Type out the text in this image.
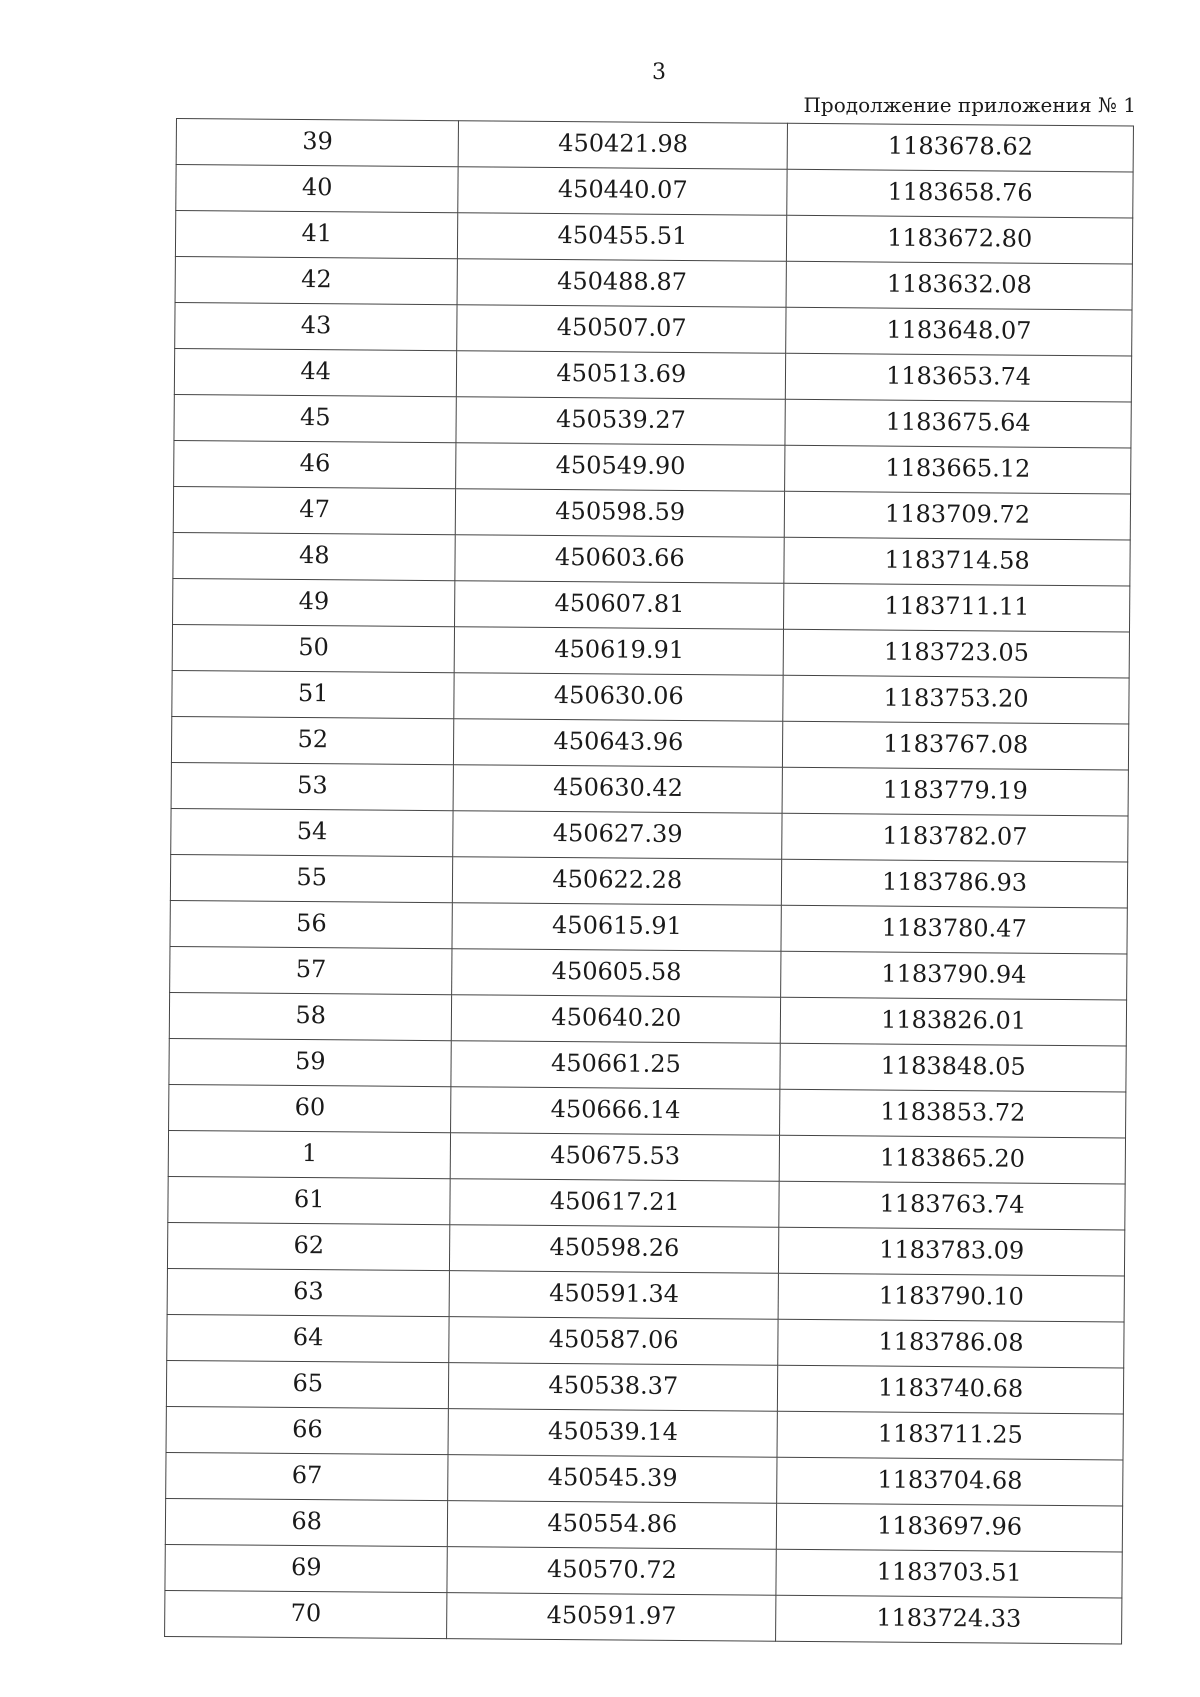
3
Продолжение приложения № 1
39	450421.98	1183678.62
40	450440.07	1183658.76
41	450455.51	1183672.80
42	450488.87	1183632.08
43	450507.07	1183648.07
44	450513.69	1183653.74
45	450539.27	1183675.64
46	450549.90	1183665.12
47	450598.59	1183709.72
48	450603.66	1183714.58
49	450607.81	1183711.11
50	450619.91	1183723.05
51	450630.06	1183753.20
52	450643.96	1183767.08
53	450630.42	1183779.19
54	450627.39	1183782.07
55	450622.28	1183786.93
56	450615.91	1183780.47
57	450605.58	1183790.94
58	450640.20	1183826.01
59	450661.25	1183848.05
60	450666.14	1183853.72
1	450675.53	1183865.20
61	450617.21	1183763.74
62	450598.26	1183783.09
63	450591.34	1183790.10
64	450587.06	1183786.08
65	450538.37	1183740.68
66	450539.14	1183711.25
67	450545.39	1183704.68
68	450554.86	1183697.96
69	450570.72	1183703.51
70	450591.97	1183724.33
